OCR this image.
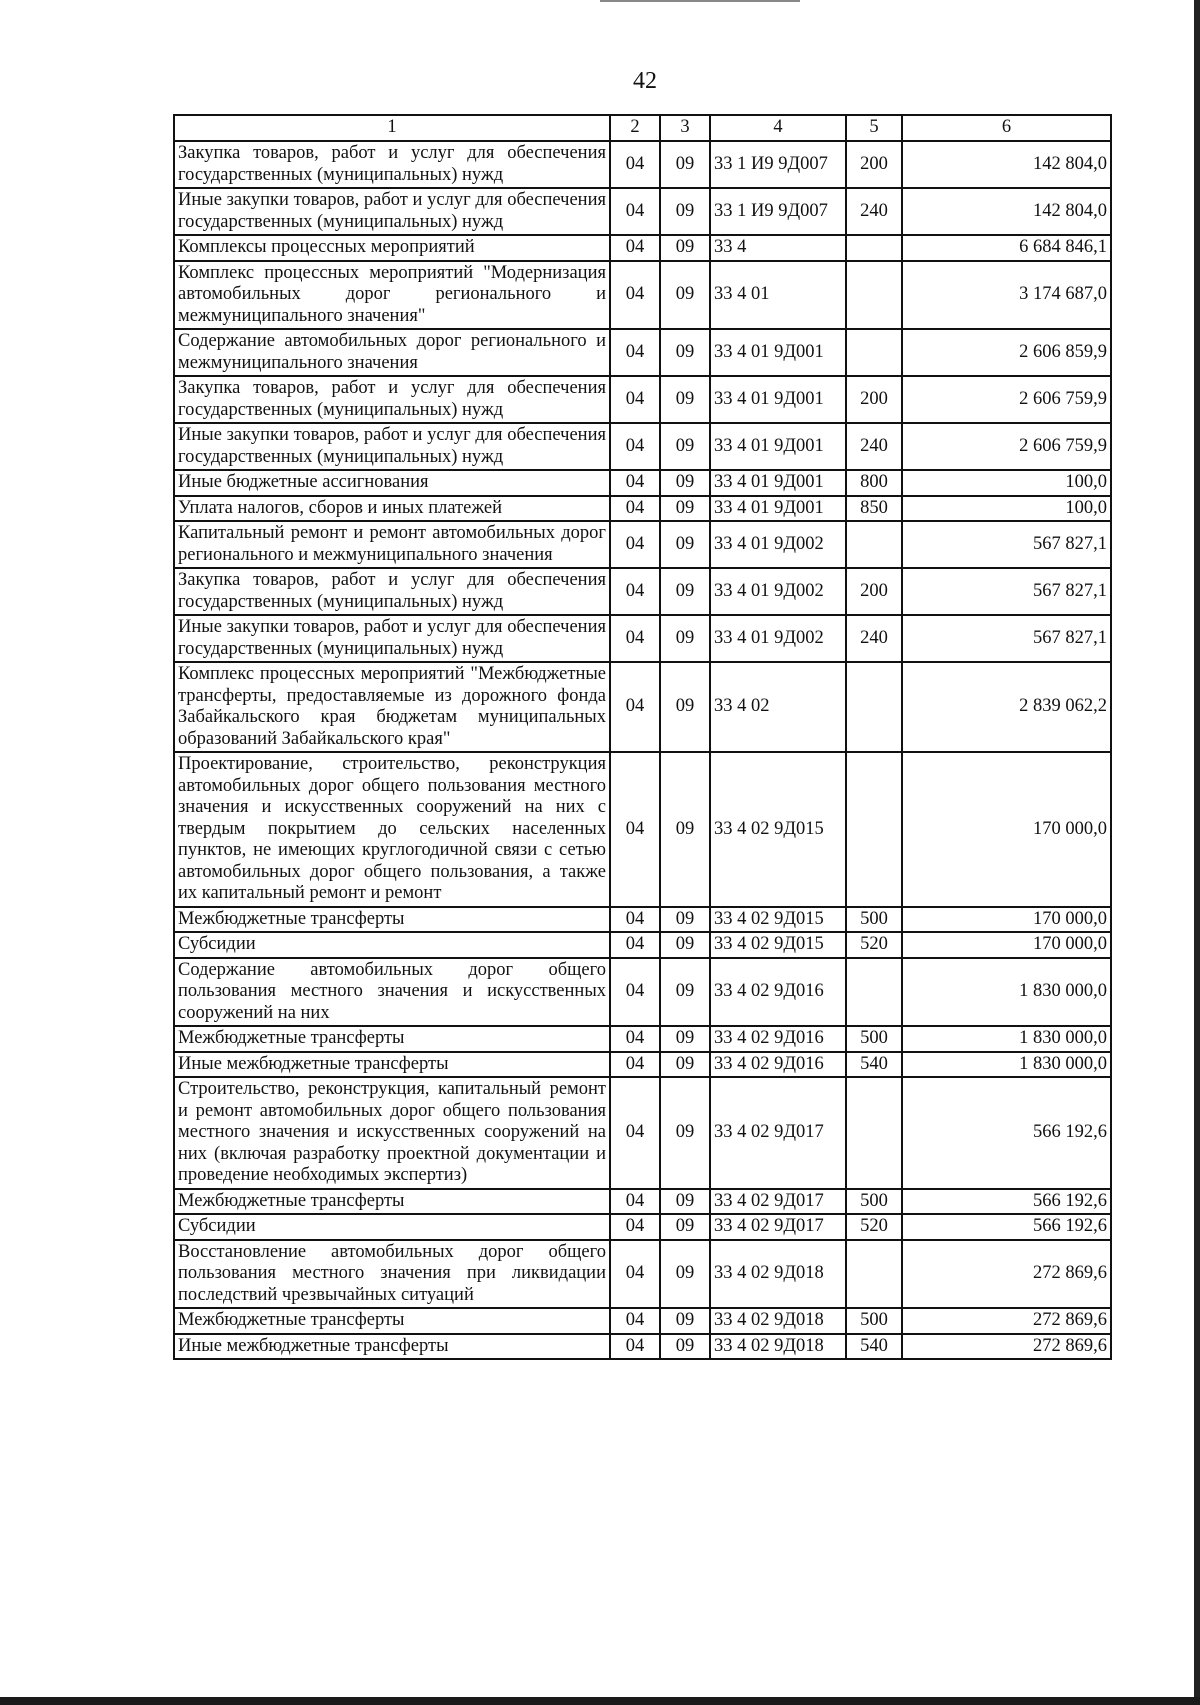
42
1	2	3	4	5	6
Закупка товаров, работ и услуг для обеспечения государственных (муниципальных) нужд	04	09	33 1 И9 9Д007	200	142 804,0
Иные закупки товаров, работ и услуг для обеспечения государственных (муниципальных) нужд	04	09	33 1 И9 9Д007	240	142 804,0
Комплексы процессных мероприятий	04	09	33 4		6 684 846,1
Комплекс процессных мероприятий "Модернизация автомобильных дорог регионального и межмуниципального значения"	04	09	33 4 01		3 174 687,0
Содержание автомобильных дорог регионального и межмуниципального значения	04	09	33 4 01 9Д001		2 606 859,9
Закупка товаров, работ и услуг для обеспечения государственных (муниципальных) нужд	04	09	33 4 01 9Д001	200	2 606 759,9
Иные закупки товаров, работ и услуг для обеспечения государственных (муниципальных) нужд	04	09	33 4 01 9Д001	240	2 606 759,9
Иные бюджетные ассигнования	04	09	33 4 01 9Д001	800	100,0
Уплата налогов, сборов и иных платежей	04	09	33 4 01 9Д001	850	100,0
Капитальный ремонт и ремонт автомобильных дорог регионального и межмуниципального значения	04	09	33 4 01 9Д002		567 827,1
Закупка товаров, работ и услуг для обеспечения государственных (муниципальных) нужд	04	09	33 4 01 9Д002	200	567 827,1
Иные закупки товаров, работ и услуг для обеспечения государственных (муниципальных) нужд	04	09	33 4 01 9Д002	240	567 827,1
Комплекс процессных мероприятий "Межбюджетные трансферты, предоставляемые из дорожного фонда Забайкальского края бюджетам муниципальных образований Забайкальского края"	04	09	33 4 02		2 839 062,2
Проектирование, строительство, реконструкция автомобильных дорог общего пользования местного значения и искусственных сооружений на них с твердым покрытием до сельских населенных пунктов, не имеющих круглогодичной связи с сетью автомобильных дорог общего пользования, а также их капитальный ремонт и ремонт	04	09	33 4 02 9Д015		170 000,0
Межбюджетные трансферты	04	09	33 4 02 9Д015	500	170 000,0
Субсидии	04	09	33 4 02 9Д015	520	170 000,0
Содержание автомобильных дорог общего пользования местного значения и искусственных сооружений на них	04	09	33 4 02 9Д016		1 830 000,0
Межбюджетные трансферты	04	09	33 4 02 9Д016	500	1 830 000,0
Иные межбюджетные трансферты	04	09	33 4 02 9Д016	540	1 830 000,0
Строительство, реконструкция, капитальный ремонт и ремонт автомобильных дорог общего пользования местного значения и искусственных сооружений на них (включая разработку проектной документации и проведение необходимых экспертиз)	04	09	33 4 02 9Д017		566 192,6
Межбюджетные трансферты	04	09	33 4 02 9Д017	500	566 192,6
Субсидии	04	09	33 4 02 9Д017	520	566 192,6
Восстановление автомобильных дорог общего пользования местного значения при ликвидации последствий чрезвычайных ситуаций	04	09	33 4 02 9Д018		272 869,6
Межбюджетные трансферты	04	09	33 4 02 9Д018	500	272 869,6
Иные межбюджетные трансферты	04	09	33 4 02 9Д018	540	272 869,6
